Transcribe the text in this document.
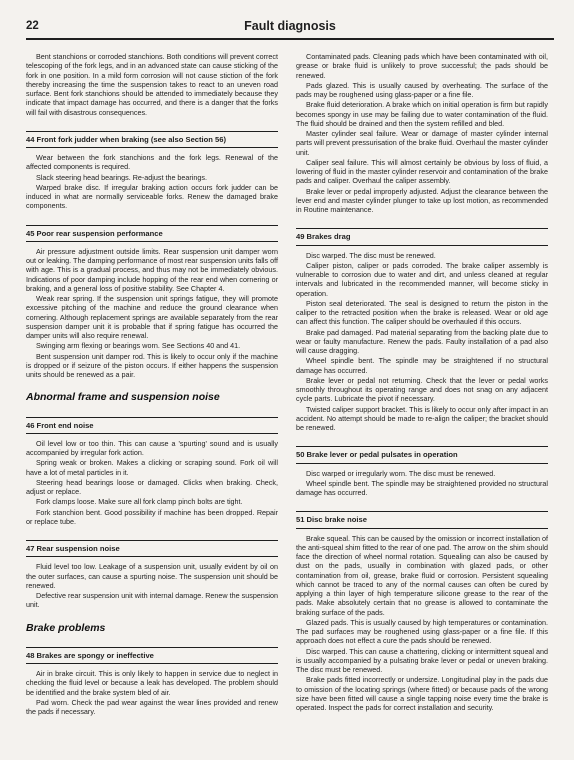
22	Fault diagnosis

Bent stanchions or corroded stanchions. Both conditions will prevent correct telescoping of the fork legs, and in an advanced state can cause sticking of the fork in one position. In a mild form corrosion will not cause stiction of the fork thereby increasing the time the suspension takes to react to an uneven road surface. Bent fork stanchions should be attended to immediately because they indicate that impact damage has occurred, and there is a danger that the forks will fail with disastrous consequences.

44 Front fork judder when braking (see also Section 56)

Wear between the fork stanchions and the fork legs. Renewal of the affected components is required.

Slack steering head bearings. Re-adjust the bearings.

Warped brake disc. If irregular braking action occurs fork judder can be induced in what are normally serviceable forks. Renew the damaged brake components.

45 Poor rear suspension performance

Air pressure adjustment outside limits. Rear suspension unit damper worn out or leaking. The damping performance of most rear suspension units falls off with age. This is a gradual process, and thus may not be immediately obvious. Indications of poor damping include hopping of the rear end when cornering or braking, and a general loss of positive stability. See Chapter 4.

Weak rear spring. If the suspension unit springs fatigue, they will promote excessive pitching of the machine and reduce the ground clearance when cornering. Although replacement springs are available separately from the rear suspension damper unit it is probable that if spring fatigue has occurred the damper units will also require renewal.

Swinging arm flexing or bearings worn. See Sections 40 and 41.

Bent suspension unit damper rod. This is likely to occur only if the machine is dropped or if seizure of the piston occurs. If either happens the suspension units should be renewed as a pair.

Abnormal frame and suspension noise
46 Front end noise

Oil level low or too thin. This can cause a 'spurting' sound and is usually accompanied by irregular fork action.

Spring weak or broken. Makes a clicking or scraping sound. Fork oil will have a lot of metal particles in it.

Steering head bearings loose or damaged. Clicks when braking. Check, adjust or replace.

Fork clamps loose. Make sure all fork clamp pinch bolts are tight.

Fork stanchion bent. Good possibility if machine has been dropped. Repair or replace tube.

47 Rear suspension noise

Fluid level too low. Leakage of a suspension unit, usually evident by oil on the outer surfaces, can cause a spurting noise. The suspension unit should be renewed.

Defective rear suspension unit with internal damage. Renew the suspension unit.

Brake problems
48 Brakes are spongy or ineffective

Air in brake circuit. This is only likely to happen in service due to neglect in checking the fluid level or because a leak has developed. The problem should be identified and the brake system bled of air.

Pad worn. Check the pad wear against the wear lines provided and renew the pads if necessary.

Contaminated pads. Cleaning pads which have been contaminated with oil, grease or brake fluid is unlikely to prove successful; the pads should be renewed.

Pads glazed. This is usually caused by overheating. The surface of the pads may be roughened using glass-paper or a fine file.

Brake fluid deterioration. A brake which on initial operation is firm but rapidly becomes spongy in use may be failing due to water contamination of the fluid. The fluid should be drained and then the system refilled and bled.

Master cylinder seal failure. Wear or damage of master cylinder internal parts will prevent pressurisation of the brake fluid. Overhaul the master cylinder unit.

Caliper seal failure. This will almost certainly be obvious by loss of fluid, a lowering of fluid in the master cylinder reservoir and contamination of the brake pads and caliper. Overhaul the caliper assembly.

Brake lever or pedal improperly adjusted. Adjust the clearance between the lever end and master cylinder plunger to take up lost motion, as recommended in Routine maintenance.

49 Brakes drag

Disc warped. The disc must be renewed.

Caliper piston, caliper or pads corroded. The brake caliper assembly is vulnerable to corrosion due to water and dirt, and unless cleaned at regular intervals and lubricated in the recommended manner, will become sticky in operation.

Piston seal deteriorated. The seal is designed to return the piston in the caliper to the retracted position when the brake is released. Wear or old age can affect this function. The caliper should be overhauled if this occurs.

Brake pad damaged. Pad material separating from the backing plate due to wear or faulty manufacture. Renew the pads. Faulty installation of a pad also will cause dragging.

Wheel spindle bent. The spindle may be straightened if no structural damage has occurred.

Brake lever or pedal not returning. Check that the lever or pedal works smoothly throughout its operating range and does not snag on any adjacent cycle parts. Lubricate the pivot if necessary.

Twisted caliper support bracket. This is likely to occur only after impact in an accident. No attempt should be made to re-align the caliper; the bracket should be renewed.

50 Brake lever or pedal pulsates in operation

Disc warped or irregularly worn. The disc must be renewed.

Wheel spindle bent. The spindle may be straightened provided no structural damage has occurred.

51 Disc brake noise

Brake squeal. This can be caused by the omission or incorrect installation of the anti-squeal shim fitted to the rear of one pad. The arrow on the shim should face the direction of wheel normal rotation. Squealing can also be caused by dust on the pads, usually in combination with glazed pads, or other contamination from oil, grease, brake fluid or corrosion. Persistent squealing which cannot be traced to any of the normal causes can often be cured by applying a thin layer of high temperature silicone grease to the rear of the pads. Make absolutely certain that no grease is allowed to contaminate the braking surface of the pads.

Glazed pads. This is usually caused by high temperatures or contamination. The pad surfaces may be roughened using glass-paper or a fine file. If this approach does not effect a cure the pads should be renewed.

Disc warped. This can cause a chattering, clicking or intermittent squeal and is usually accompanied by a pulsating brake lever or pedal or uneven braking. The disc must be renewed.

Brake pads fitted incorrectly or undersize. Longitudinal play in the pads due to omission of the locating springs (where fitted) or because pads of the wrong size have been fitted will cause a single tapping noise every time the brake is operated. Inspect the pads for correct installation and security.
